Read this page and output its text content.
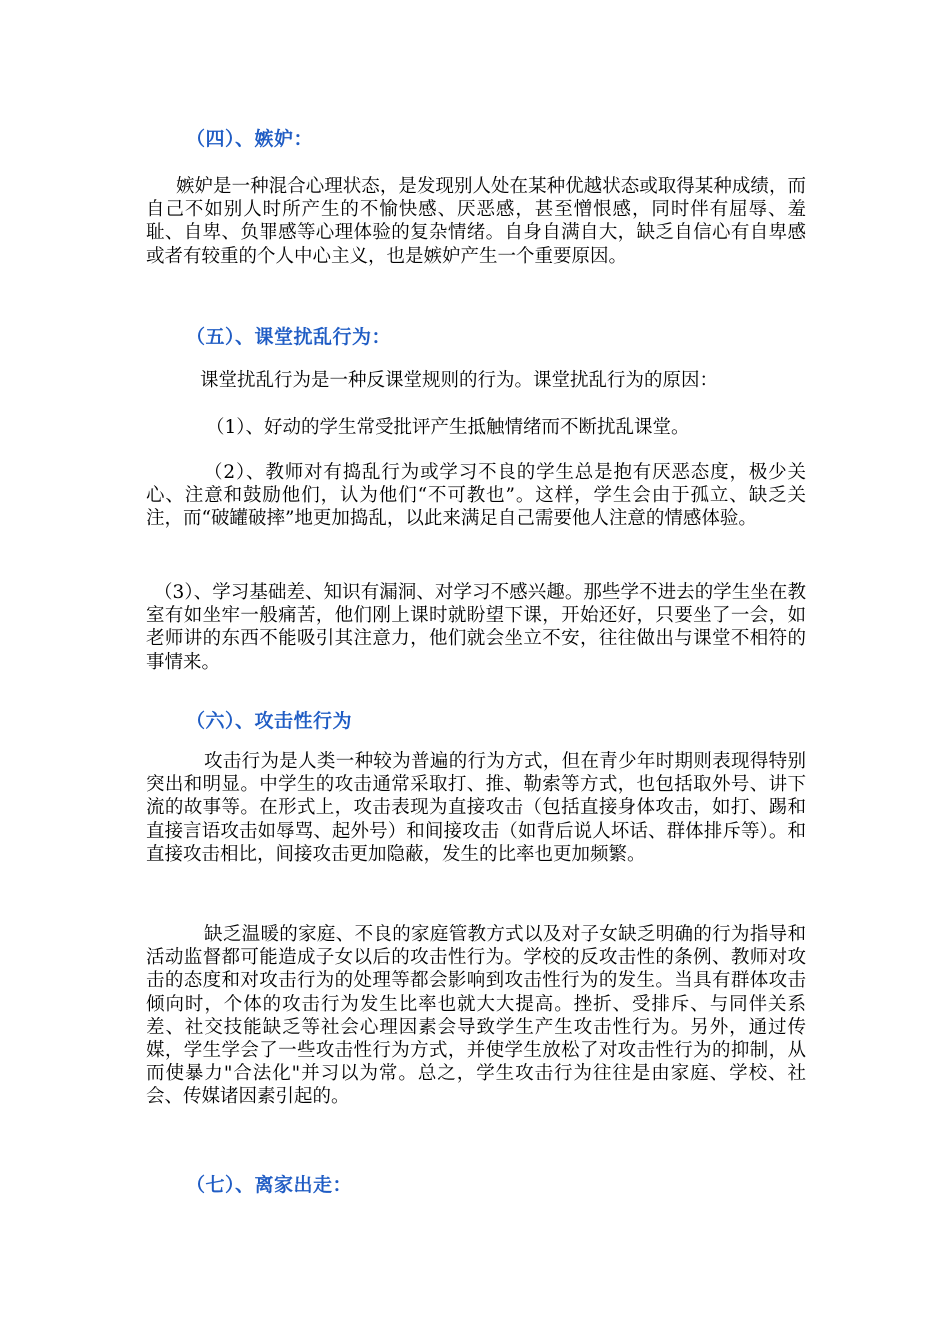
（四）、嫉妒：
嫉妒是一种混合心理状态，是发现别人处在某种优越状态或取得某种成绩，而自己不如别人时所产生的不愉快感、厌恶感，甚至憎恨感，同时伴有屈辱、羞耻、自卑、负罪感等心理体验的复杂情绪。自身自满自大，缺乏自信心有自卑感或者有较重的个人中心主义，也是嫉妒产生一个重要原因。
（五）、课堂扰乱行为：
课堂扰乱行为是一种反课堂规则的行为。课堂扰乱行为的原因：
（1）、好动的学生常受批评产生抵触情绪而不断扰乱课堂。
（2）、教师对有捣乱行为或学习不良的学生总是抱有厌恶态度，极少关心、注意和鼓励他们，认为他们“不可教也”。这样，学生会由于孤立、缺乏关注，而“破罐破摔”地更加捣乱，以此来满足自己需要他人注意的情感体验。
（3）、学习基础差、知识有漏洞、对学习不感兴趣。那些学不进去的学生坐在教室有如坐牢一般痛苦，他们刚上课时就盼望下课，开始还好，只要坐了一会，如老师讲的东西不能吸引其注意力，他们就会坐立不安，往往做出与课堂不相符的事情来。
（六）、攻击性行为
攻击行为是人类一种较为普遍的行为方式，但在青少年时期则表现得特别突出和明显。中学生的攻击通常采取打、推、勒索等方式，也包括取外号、讲下流的故事等。在形式上，攻击表现为直接攻击（包括直接身体攻击，如打、踢和直接言语攻击如辱骂、起外号）和间接攻击（如背后说人坏话、群体排斥等）。和直接攻击相比，间接攻击更加隐蔽，发生的比率也更加频繁。
缺乏温暖的家庭、不良的家庭管教方式以及对子女缺乏明确的行为指导和活动监督都可能造成子女以后的攻击性行为。学校的反攻击性的条例、教师对攻击的态度和对攻击行为的处理等都会影响到攻击性行为的发生。当具有群体攻击倾向时，个体的攻击行为发生比率也就大大提高。挫折、受排斥、与同伴关系差、社交技能缺乏等社会心理因素会导致学生产生攻击性行为。另外，通过传媒，学生学会了一些攻击性行为方式，并使学生放松了对攻击性行为的抑制，从而使暴力"合法化"并习以为常。总之，学生攻击行为往往是由家庭、学校、社会、传媒诸因素引起的。
（七）、离家出走：
